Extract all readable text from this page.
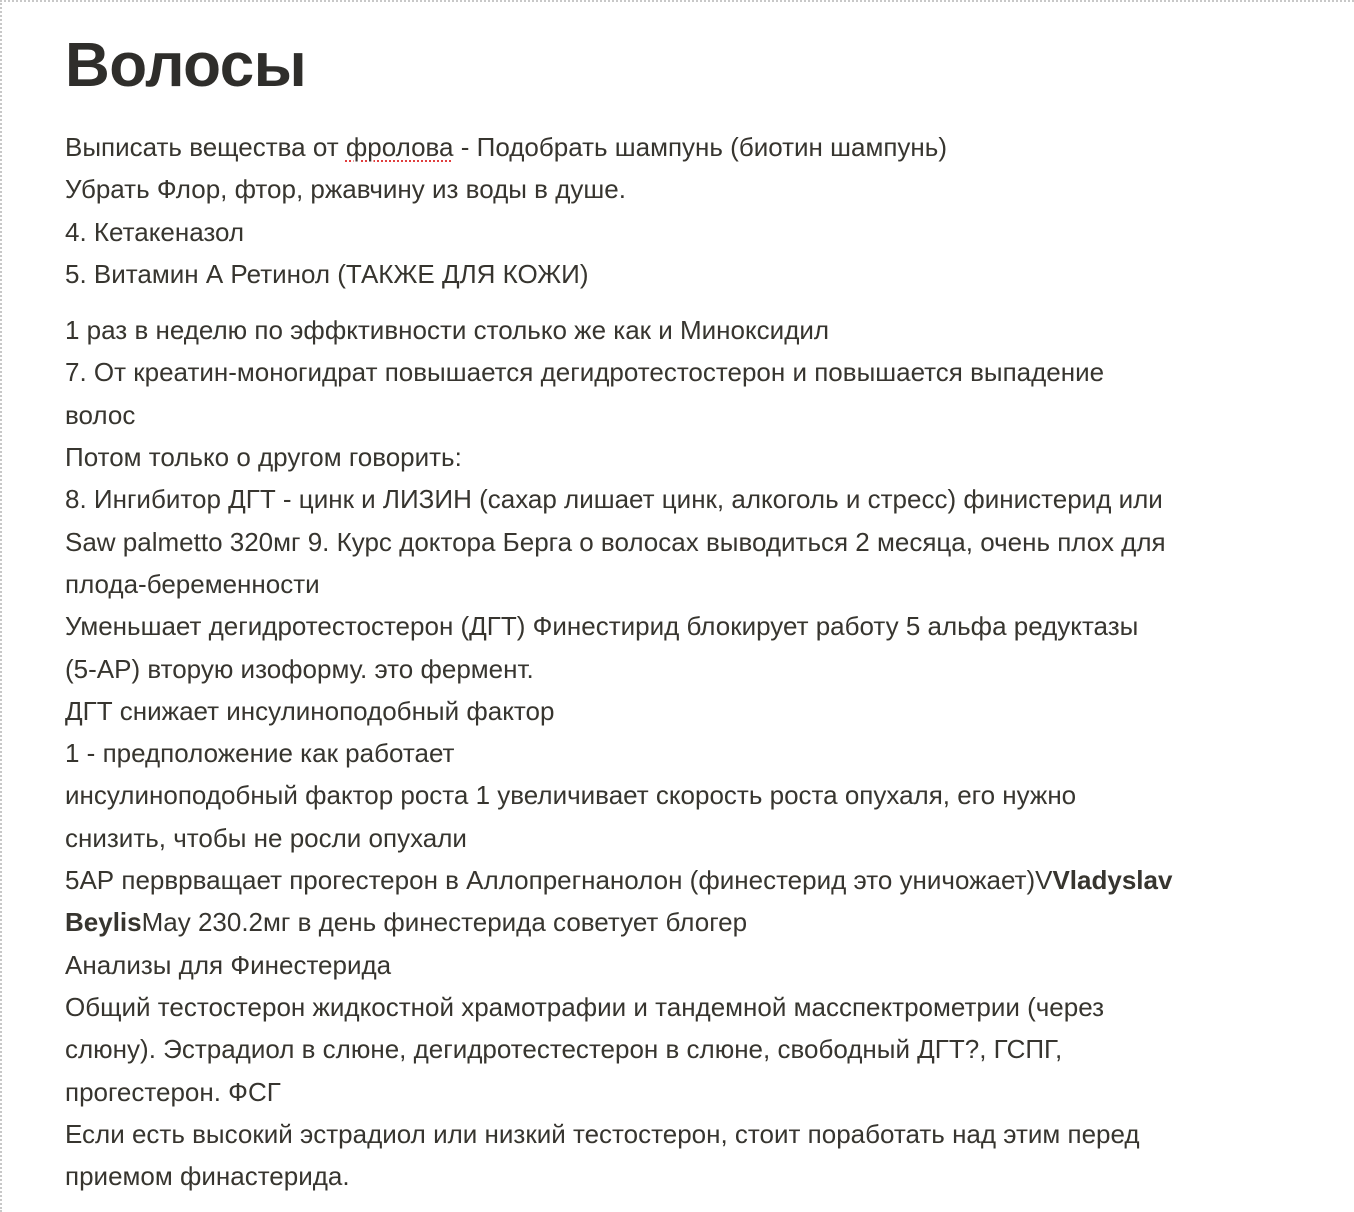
Волосы
Выписать вещества от фролова - Подобрать шампунь (биотин шампунь)
Убрать Флор, фтор, ржавчину из воды в душе.
4. Кетакеназол
5. Витамин А Ретинол (ТАКЖЕ ДЛЯ КОЖИ)
1 раз в неделю по эффктивности столько же как и Миноксидил
7. От креатин-моногидрат повышается дегидротестостерон и повышается выпадение
волос
Потом только о другом говорить:
8. Ингибитор ДГТ - цинк и ЛИЗИН (сахар лишает цинк, алкоголь и стресс) финистерид или
Saw palmetto 320мг 9. Курс доктора Берга о волосах выводиться 2 месяца, очень плох для
плода-беременности
Уменьшает дегидротестостерон (ДГТ) Финестирид блокирует работу 5 альфа редуктазы
(5-АР) вторую изоформу. это фермент.
ДГТ снижает инсулиноподобный фактор
1 - предположение как работает
инсулиноподобный фактор роста 1 увеличивает скорость роста опухаля, его нужно
снизить, чтобы не росли опухали
5АР перврващает прогестерон в Аллопрегнанолон (финестерид это уничожает)VVladyslav
BeylisMay 230.2мг в день финестерида советует блогер
Анализы для Финестерида
Общий тестостерон жидкостной храмотрафии и тандемной масспектрометрии (через
слюну). Эстрадиол в слюне, дегидротестестерон в слюне, свободный ДГТ?, ГСПГ,
прогестерон. ФСГ
Если есть высокий эстрадиол или низкий тестостерон, стоит поработать над этим перед
приемом финастерида.
